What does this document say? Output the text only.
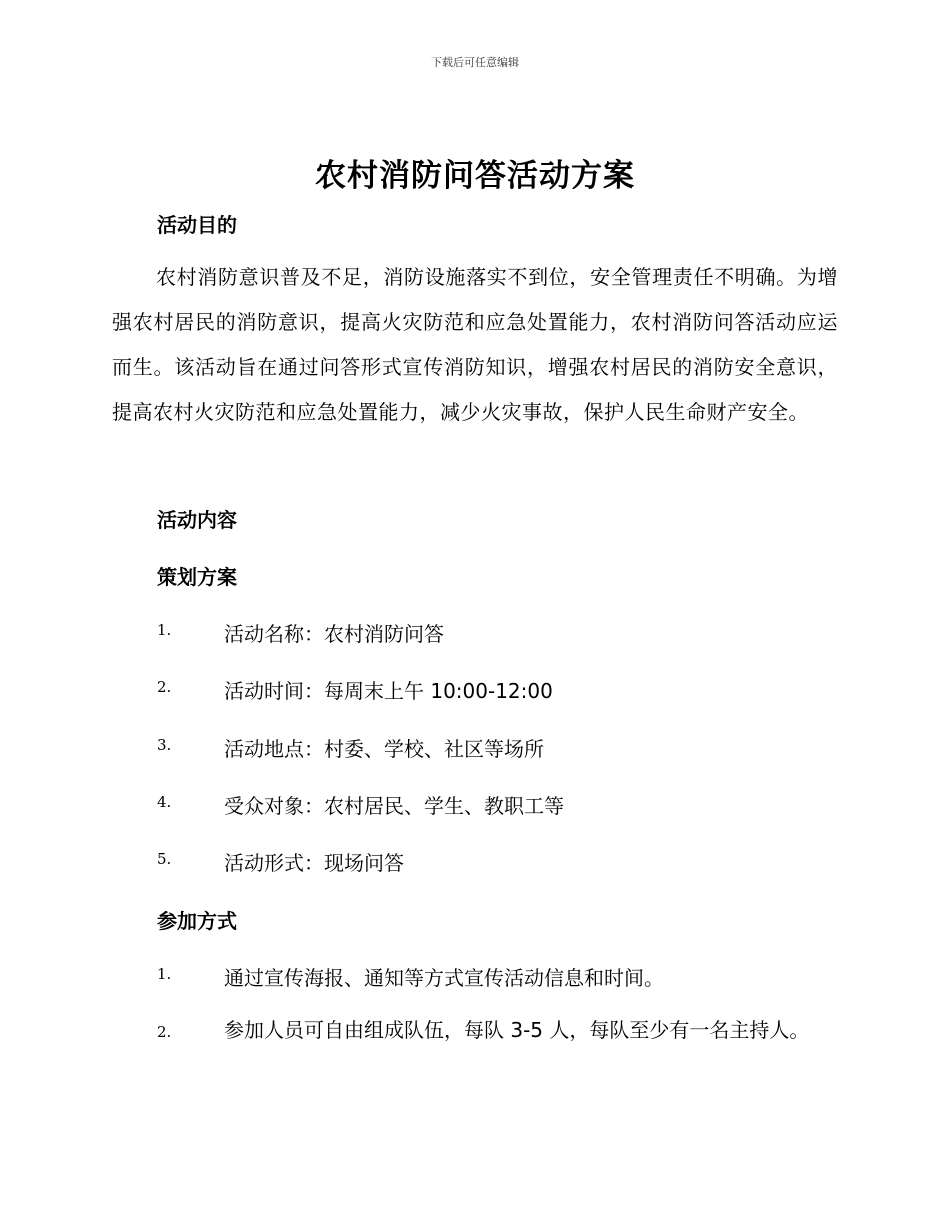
下载后可任意编辑
农村消防问答活动方案
活动目的
农村消防意识普及不足，消防设施落实不到位，安全管理责任不明确。为增强农村居民的消防意识，提高火灾防范和应急处置能力，农村消防问答活动应运而生。该活动旨在通过问答形式宣传消防知识，增强农村居民的消防安全意识，提高农村火灾防范和应急处置能力，减少火灾事故，保护人民生命财产安全。
活动内容
策划方案
1.	活动名称：农村消防问答
2.	活动时间：每周末上午 10:00-12:00
3.	活动地点：村委、学校、社区等场所
4.	受众对象：农村居民、学生、教职工等
5.	活动形式：现场问答
参加方式
1.	通过宣传海报、通知等方式宣传活动信息和时间。
2.	参加人员可自由组成队伍，每队 3-5 人，每队至少有一名主持人。
